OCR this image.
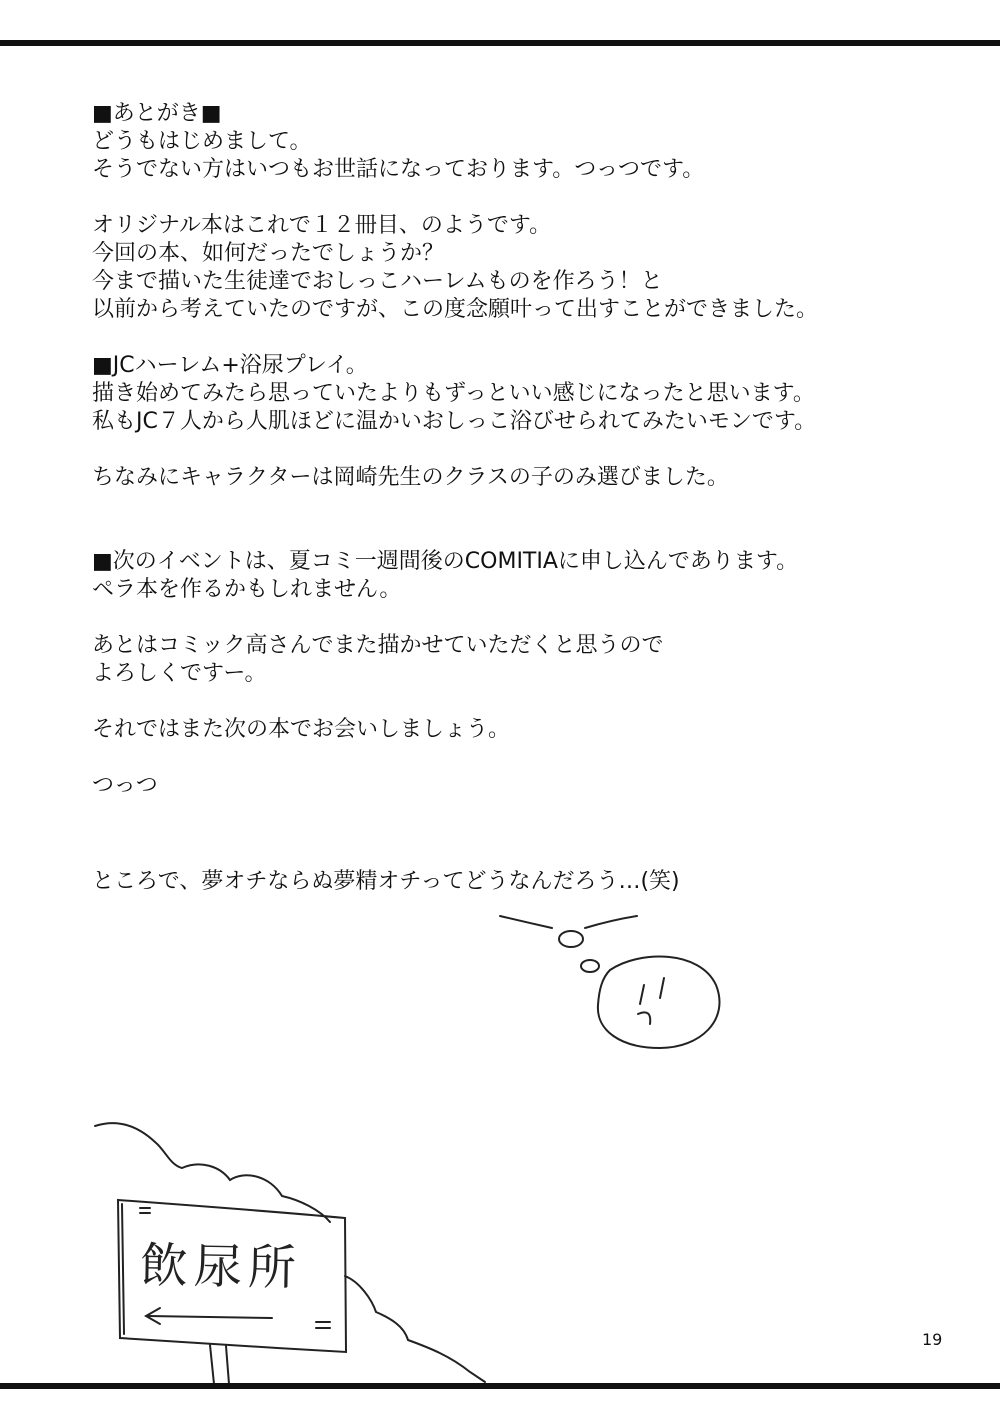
■あとがき■

どうもはじめまして。

そうでない方はいつもお世話になっております。つっつです。

オリジナル本はこれで１２冊目、のようです。

今回の本、如何だったでしょうか？

今まで描いた生徒達でおしっこハーレムものを作ろう！と

以前から考えていたのですが、この度念願叶って出すことができました。

■JCハーレム+浴尿プレイ。

描き始めてみたら思っていたよりもずっといい感じになったと思います。

私もJC７人から人肌ほどに温かいおしっこ浴びせられてみたいモンです。

ちなみにキャラクターは岡崎先生のクラスの子のみ選びました。

■次のイベントは、夏コミ一週間後のCOMITIAに申し込んであります。

ペラ本を作るかもしれません。

あとはコミック高さんでまた描かせていただくと思うので

よろしくですー。

それではまた次の本でお会いしましょう。

つっつ

ところで、夢オチならぬ夢精オチってどうなんだろう…(笑)
飲尿所
19
